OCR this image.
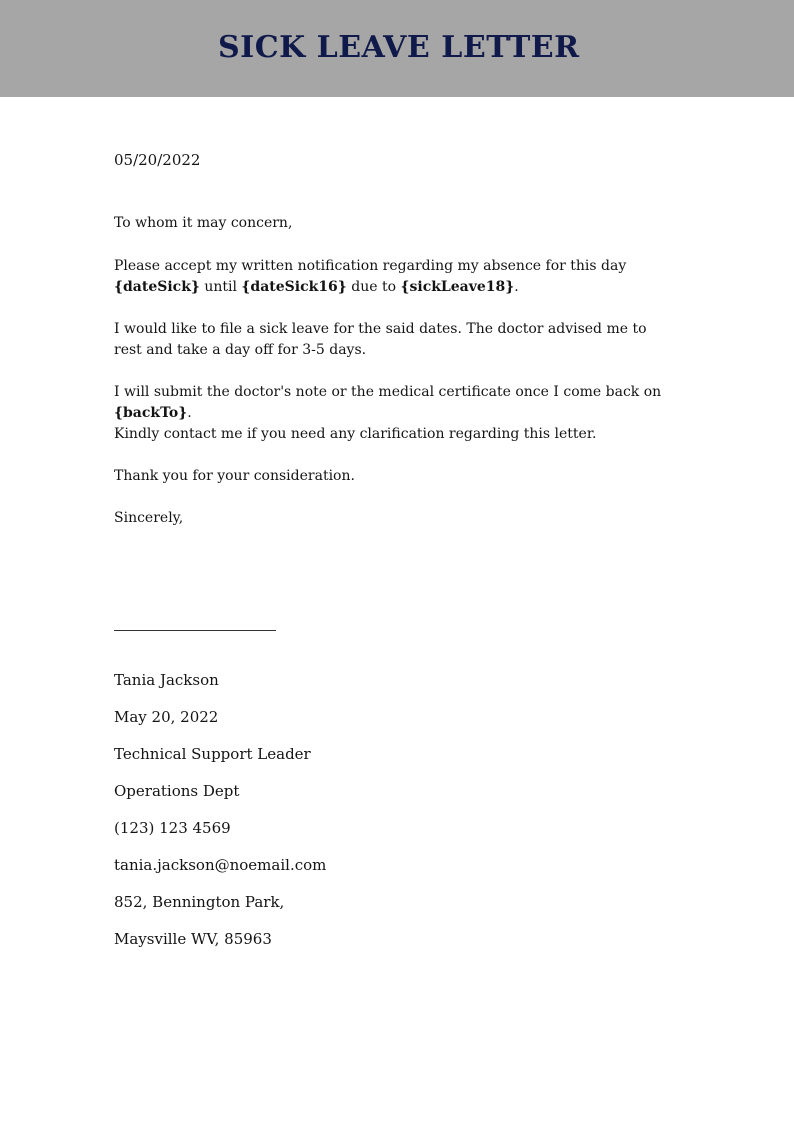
SICK LEAVE LETTER
05/20/2022
To whom it may concern,
Please accept my written notification regarding my absence for this day {dateSick} until {dateSick16} due to {sickLeave18}.
I would like to file a sick leave for the said dates. The doctor advised me to rest and take a day off for 3-5 days.
I will submit the doctor's note or the medical certificate once I come back on {backTo}.
Kindly contact me if you need any clarification regarding this letter.
Thank you for your consideration.
Sincerely,
Tania Jackson
May 20, 2022
Technical Support Leader
Operations Dept
(123) 123 4569
tania.jackson@noemail.com
852, Bennington Park,
Maysville WV, 85963
